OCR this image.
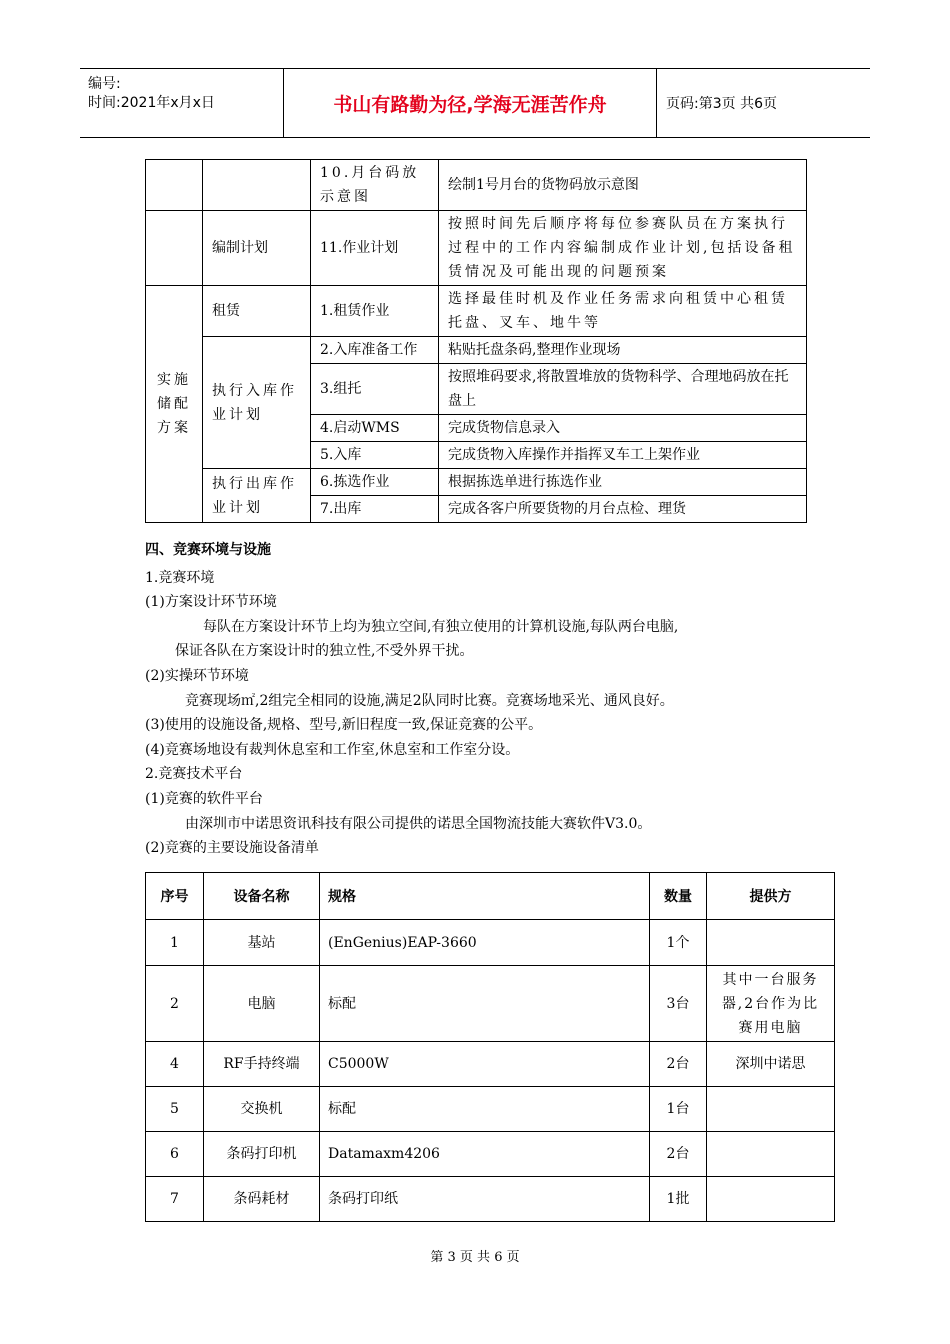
编号:
时间:2021年x月x日	书山有路勤为径,学海无涯苦作舟	页码:第3页 共6页
		10.月台码放示意图	绘制1号月台的货物码放示意图
	编制计划	11.作业计划	按照时间先后顺序将每位参赛队员在方案执行过程中的工作内容编制成作业计划,包括设备租赁情况及可能出现的问题预案
实施储配方案	租赁	1.租赁作业	选择最佳时机及作业任务需求向租赁中心租赁托盘、叉车、地牛等
	执行入库作业计划	2.入库准备工作	粘贴托盘条码,整理作业现场
		3.组托	按照堆码要求,将散置堆放的货物科学、合理地码放在托盘上
		4.启动WMS	完成货物信息录入
		5.入库	完成货物入库操作并指挥叉车工上架作业
	执行出库作业计划	6.拣选作业	根据拣选单进行拣选作业
		7.出库	完成各客户所要货物的月台点检、理货
四、竞赛环境与设施
1.竞赛环境
(1)方案设计环节环境
每队在方案设计环节上均为独立空间,有独立使用的计算机设施,每队两台电脑,
保证各队在方案设计时的独立性,不受外界干扰。
(2)实操环节环境
竞赛现场㎡,2组完全相同的设施,满足2队同时比赛。竞赛场地采光、通风良好。
(3)使用的设施设备,规格、型号,新旧程度一致,保证竞赛的公平。
(4)竞赛场地设有裁判休息室和工作室,休息室和工作室分设。
2.竞赛技术平台
(1)竞赛的软件平台
由深圳市中诺思资讯科技有限公司提供的诺思全国物流技能大赛软件V3.0。
(2)竞赛的主要设施设备清单
序号	设备名称	规格	数量	提供方
1	基站	(EnGenius)EAP-3660	1个	
2	电脑	标配	3台	其中一台服务器,2台作为比赛用电脑
4	RF手持终端	C5000W	2台	深圳中诺思
5	交换机	标配	1台	
6	条码打印机	Datamaxm4206	2台	
7	条码耗材	条码打印纸	1批	
第 3 页 共 6 页
